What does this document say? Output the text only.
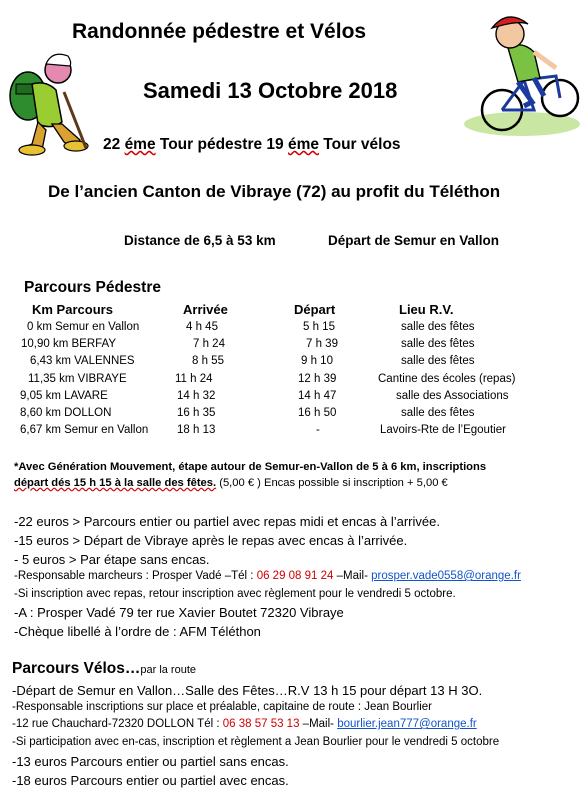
Randonnée pédestre et Vélos
Samedi 13 Octobre 2018
22 éme Tour pédestre 19 éme Tour vélos
De l’ancien Canton de Vibraye (72) au profit du Téléthon
Distance de 6,5 à 53 km	Départ de Semur en Vallon
Parcours Pédestre
Km Parcours	Arrivée	Départ	Lieu R.V.
0 km Semur en Vallon	4 h 45	5 h 15	salle des fêtes
10,90 km BERFAY	7 h 24	7 h 39	salle des fêtes
6,43 km VALENNES	8 h 55	9 h 10	salle des fêtes
11,35 km VIBRAYE	11 h 24	12 h 39	Cantine des écoles (repas)
9,05 km LAVARE	14 h 32	14 h 47	salle des Associations
8,60 km DOLLON	16 h 35	16 h 50	salle des fêtes
6,67 km Semur en Vallon 18 h 13	-	Lavoirs-Rte de l’Egoutier
*Avec Génération Mouvement, étape autour de Semur-en-Vallon de 5 à 6 km, inscriptions
départ dés 15 h 15 à la salle des fêtes. (5,00 € ) Encas possible si inscription + 5,00 €
-22 euros > Parcours entier ou partiel avec repas midi et encas à l’arrivée.
-15 euros > Départ de Vibraye après le repas avec encas à l’arrivée.
- 5 euros > Par étape sans encas.
-Responsable marcheurs : Prosper Vadé –Tél : 06 29 08 91 24 –Mail- prosper.vade0558@orange.fr
-Si inscription avec repas, retour inscription avec règlement pour le vendredi 5 octobre.
-A : Prosper Vadé 79 ter rue Xavier Boutet 72320 Vibraye
-Chèque libellé à l’ordre de : AFM Téléthon
Parcours Vélos…par la route
-Départ de Semur en Vallon…Salle des Fêtes…R.V 13 h 15 pour départ 13 H 3O.
-Responsable inscriptions sur place et préalable, capitaine de route : Jean Bourlier
-12 rue Chauchard-72320 DOLLON Tél : 06 38 57 53 13 –Mail- bourlier.jean777@orange.fr
-Si participation avec en-cas, inscription et règlement a Jean Bourlier pour le vendredi 5 octobre
-13 euros Parcours entier ou partiel sans encas.
-18 euros Parcours entier ou partiel avec encas.
